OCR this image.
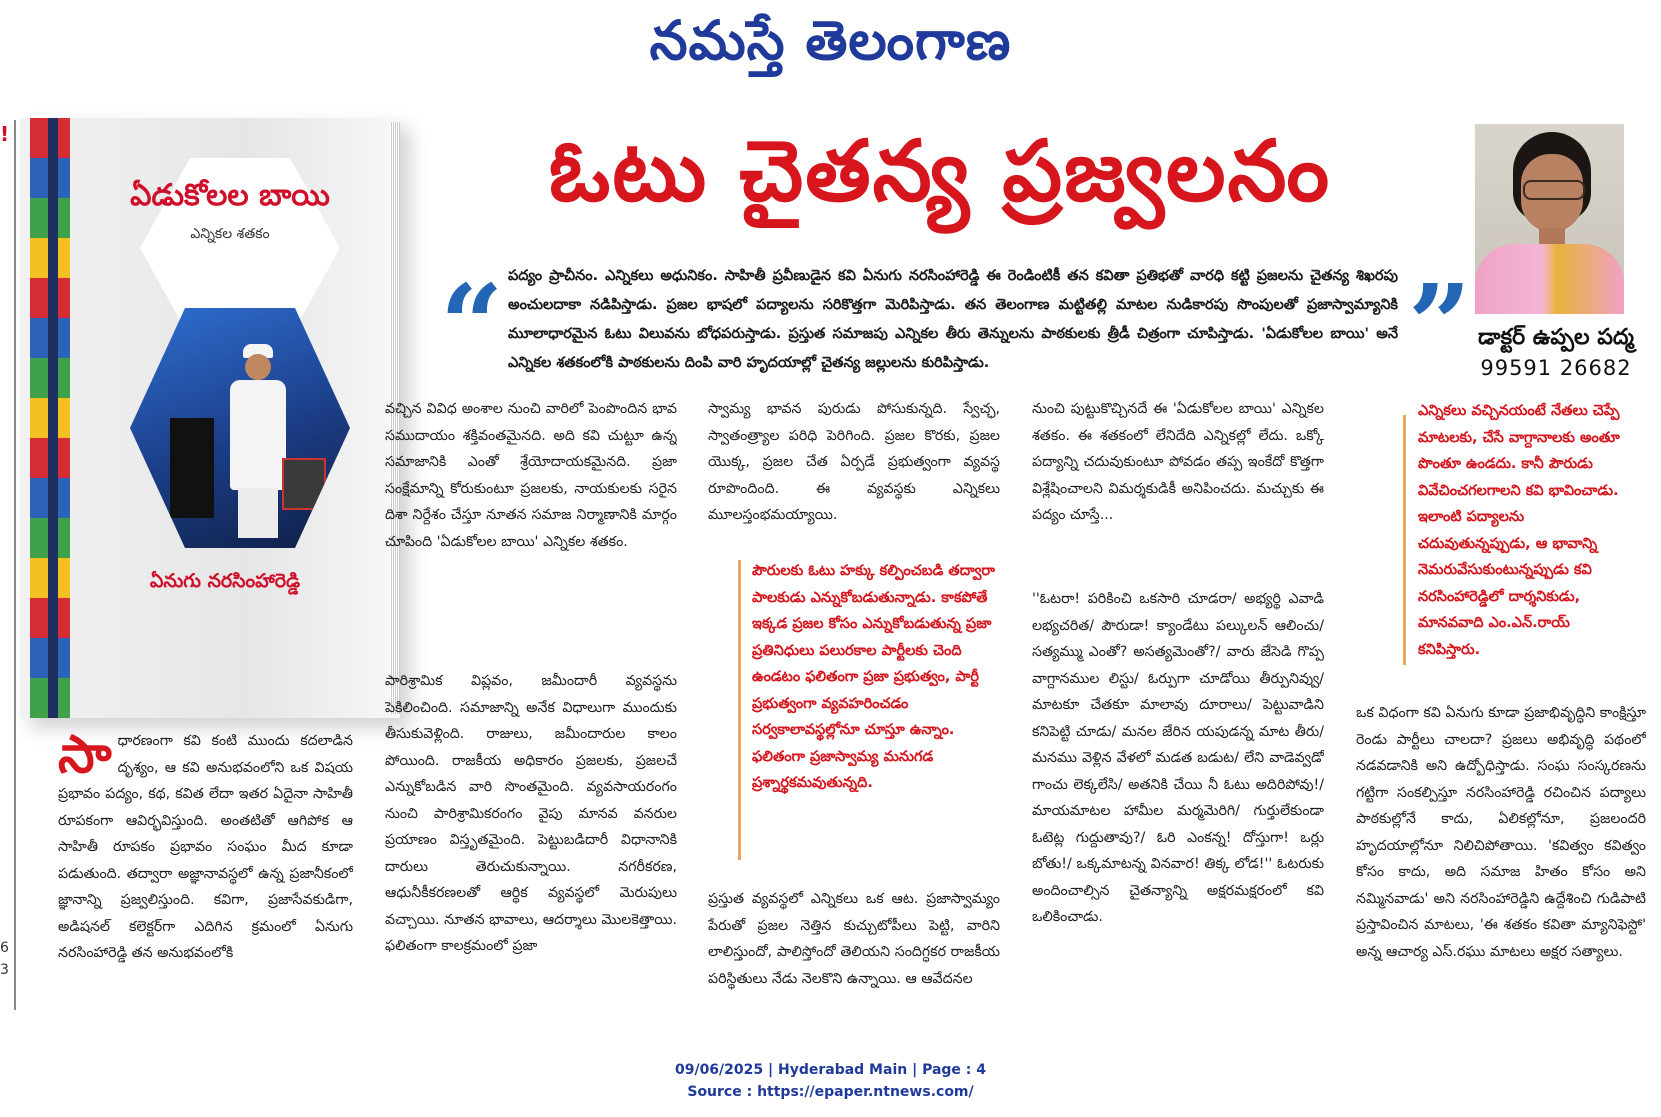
నమస్తే తెలంగాణ
!
6
3
ఏడుకోలల బాయి
ఎన్నికల శతకం
ఏనుగు నరసింహారెడ్డి
ఓటు చైతన్య ప్రజ్వలనం
డాక్టర్ ఉప్పల పద్మ
99591 26682
“	”
పద్యం ప్రాచీనం. ఎన్నికలు అధునికం. సాహితీ ప్రవీణుడైన కవి ఏనుగు నరసింహారెడ్డి ఈ రెండింటికీ తన కవితా ప్రతిభతో వారధి కట్టి ప్రజలను చైతన్య శిఖరపు అంచులదాకా నడిపిస్తాడు. ప్రజల భాషలో పద్యాలను సరికొత్తగా మెరిపిస్తాడు. తన తెలంగాణ మట్టితల్లి మాటల నుడికారపు సొంపులతో ప్రజాస్వామ్యానికి మూలాధారమైన ఓటు విలువను బోధపరుస్తాడు. ప్రస్తుత సమాజపు ఎన్నికల తీరు తెన్నులను పాఠకులకు త్రీడీ చిత్రంగా చూపిస్తాడు. 'ఏడుకోలల బాయి' అనే ఎన్నికల శతకంలోకి పాఠకులను దింపి వారి హృదయాల్లో చైతన్య జల్లులను కురిపిస్తాడు.
సాధారణంగా కవి కంటి ముందు కదలాడిన దృశ్యం, ఆ కవి అనుభవంలోని ఒక విషయ ప్రభావం పద్యం, కథ, కవిత లేదా ఇతర ఏదైనా సాహితీ రూపకంగా ఆవిర్భవిస్తుంది. అంతటితో ఆగిపోక ఆ సాహితీ రూపకం ప్రభావం సంఘం మీద కూడా పడుతుంది. తద్వారా అజ్ఞానావస్థలో ఉన్న ప్రజానీకంలో జ్ఞానాన్ని ప్రజ్వలిస్తుంది. కవిగా, ప్రజాసేవకుడిగా, అడిషనల్ కలెక్టర్‌గా ఎదిగిన క్రమంలో ఏనుగు నరసింహారెడ్డి తన అనుభవంలోకి
వచ్చిన వివిధ అంశాల నుంచి వారిలో పెంపొందిన భావ సముదాయం శక్తివంతమైనది. అది కవి చుట్టూ ఉన్న సమాజానికి ఎంతో శ్రేయోదాయకమైనది. ప్రజా సంక్షేమాన్ని కోరుకుంటూ ప్రజలకు, నాయకులకు సరైన దిశా నిర్దేశం చేస్తూ నూతన సమాజ నిర్మాణానికి మార్గం చూపింది 'ఏడుకోలల బాయి' ఎన్నికల శతకం.
పారిశ్రామిక విప్లవం, జమీందారీ వ్యవస్థను పెకిలించింది. సమాజాన్ని అనేక విధాలుగా ముందుకు తీసుకువెళ్లింది. రాజులు, జమీందారుల కాలం పోయింది. రాజకీయ అధికారం ప్రజలకు, ప్రజలచే ఎన్నుకోబడిన వారి సొంతమైంది. వ్యవసాయరంగం నుంచి పారిశ్రామికరంగం వైపు మానవ వనరుల ప్రయాణం విస్తృతమైంది. పెట్టుబడిదారీ విధానానికి దారులు తెరుచుకున్నాయి. నగరీకరణ, ఆధునీకీకరణలతో ఆర్థిక వ్యవస్థలో మెరుపులు వచ్చాయి. నూతన భావాలు, ఆదర్శాలు మొలకెత్తాయి. ఫలితంగా కాలక్రమంలో ప్రజా
స్వామ్య భావన పురుడు పోసుకున్నది. స్వేచ్ఛ, స్వాతంత్ర్యాల పరిధి పెరిగింది. ప్రజల కొరకు, ప్రజల యొక్క, ప్రజల చేత ఏర్పడే ప్రభుత్వంగా వ్యవస్థ రూపొందింది. ఈ వ్యవస్థకు ఎన్నికలు మూలస్తంభమయ్యాయి.
పౌరులకు ఓటు హక్కు కల్పించబడి తద్వారా పాలకుడు ఎన్నుకోబడుతున్నాడు. కాకపోతే ఇక్కడ ప్రజల కోసం ఎన్నుకోబడుతున్న ప్రజా ప్రతినిధులు పలురకాల పార్టీలకు చెంది ఉండటం ఫలితంగా ప్రజా ప్రభుత్వం, పార్టీ ప్రభుత్వంగా వ్యవహరించడం సర్వకాలావస్థల్లోనూ చూస్తూ ఉన్నాం. ఫలితంగా ప్రజాస్వామ్య మనుగడ ప్రశ్నార్థకమవుతున్నది.
ప్రస్తుత వ్యవస్థలో ఎన్నికలు ఒక ఆట. ప్రజాస్వామ్యం పేరుతో ప్రజల నెత్తిన కుచ్చుటోపీలు పెట్టి, వారిని లాలిస్తుందో, పాలిస్తోందో తెలియని సందిగ్ధకర రాజకీయ పరిస్థితులు నేడు నెలకొని ఉన్నాయి. ఆ ఆవేదనల
నుంచి పుట్టుకొచ్చినదే ఈ 'ఏడుకోలల బాయి' ఎన్నికల శతకం. ఈ శతకంలో లేనిదేది ఎన్నికల్లో లేదు. ఒక్కో పద్యాన్ని చదువుకుంటూ పోవడం తప్ప ఇంకేదో కొత్తగా విశ్లేషించాలని విమర్శకుడికీ అనిపించదు. మచ్చుకు ఈ పద్యం చూస్తే...
''ఓటరా! పరికించి ఒకసారి చూడరా/ అభ్యర్థి ఎవాడి లభ్యచరిత/ పౌరుడా! క్యాండేటు పల్కులన్ ఆలించు/ సత్యమ్ము ఎంతో? అసత్యమెంతో?/ వారు జేసెడి గొప్ప వాగ్దానముల లిస్టు/ ఓర్పుగా చూడోయి తీర్పునివ్వు/ మాటకూ చేతకూ మాలావు దూరాలు/ పెట్టువాడిని కనిపెట్టి చూడు/ మనల జేరిన యపుడన్న మాట తీరు/ మనము వెళ్లిన వేళలో మడత బడుట/ లేని వాడెవ్వడో గాంచు లెక్కలేసి/ అతనికి చేయి నీ ఓటు అదిరిపోవు!/ మాయమాటల హామీల మర్మమెరిగి/ గుర్తులేకుండా ఓటెట్ల గుద్దుతావు?/ ఓరి ఎంకన్న! దోస్తుగా! ఒర్లు బోతు!/ ఒక్కమాటన్న వినవార! తిక్క లోడ!'' ఓటరుకు అందించాల్సిన చైతన్యాన్ని అక్షరమక్షరంలో కవి ఒలికించాడు.
ఎన్నికలు వచ్చినయంటే నేతలు చెప్పే మాటలకు, చేసే వాగ్దానాలకు అంతూ పొంతూ ఉండదు. కానీ పౌరుడు వివేచించగలగాలని కవి భావించాడు. ఇలాంటి పద్యాలను చదువుతున్నప్పుడు, ఆ భావాన్ని నెమరువేసుకుంటున్నప్పుడు కవి నరసింహారెడ్డిలో దార్శనికుడు, మానవవాది ఎం.ఎన్.రాయ్ కనిపిస్తారు.
ఒక విధంగా కవి ఏనుగు కూడా ప్రజాభివృద్ధిని కాంక్షిస్తూ రెండు పార్టీలు చాలదా? ప్రజలు అభివృద్ధి పథంలో నడవడానికి అని ఉద్బోధిస్తాడు. సంఘ సంస్కరణను గట్టిగా సంకల్పిస్తూ నరసింహారెడ్డి రచించిన పద్యాలు పాఠకుల్లోనే కాదు, ఏలికల్లోనూ, ప్రజలందరి హృదయాల్లోనూ నిలిచిపోతాయి. 'కవిత్వం కవిత్వం కోసం కాదు, అది సమాజ హితం కోసం అని నమ్మినవాడు' అని నరసింహారెడ్డిని ఉద్దేశించి గుడిపాటి ప్రస్తావించిన మాటలు, 'ఈ శతకం కవితా మ్యానిఫెస్టో' అన్న ఆచార్య ఎస్.రఘు మాటలు అక్షర సత్యాలు.
09/06/2025 | Hyderabad Main | Page : 4
Source : https://epaper.ntnews.com/
